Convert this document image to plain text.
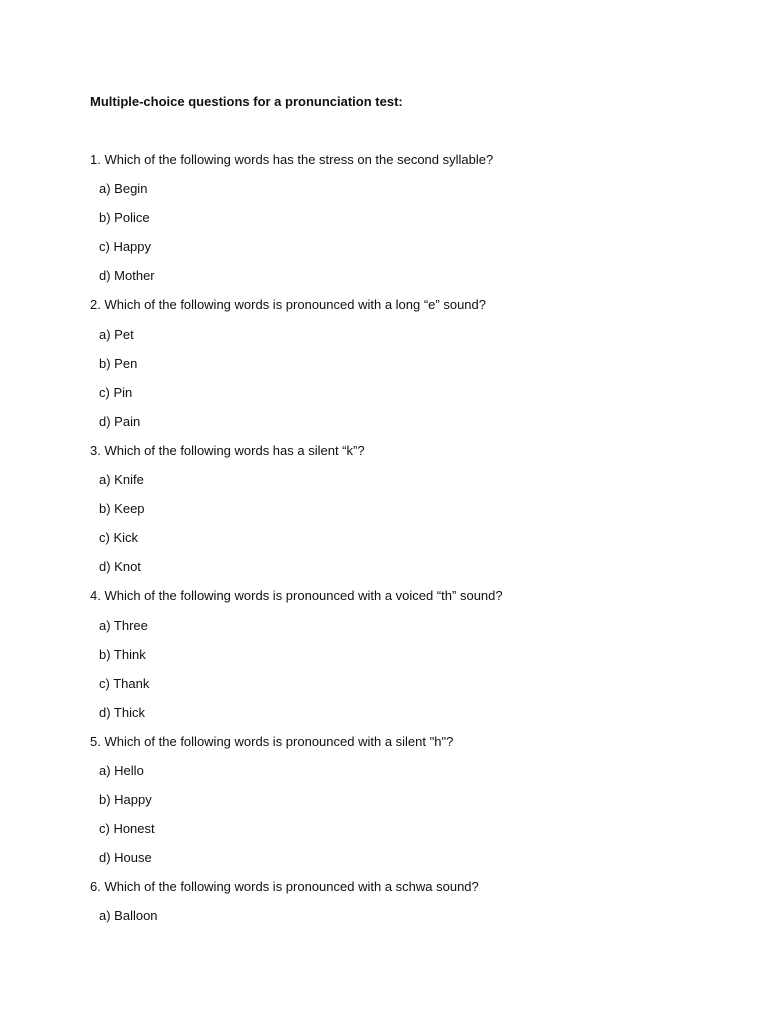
Multiple-choice questions for a pronunciation test:
1. Which of the following words has the stress on the second syllable?
a) Begin
b) Police
c) Happy
d) Mother
2. Which of the following words is pronounced with a long “e” sound?
a) Pet
b) Pen
c) Pin
d) Pain
3. Which of the following words has a silent “k”?
a) Knife
b) Keep
c) Kick
d) Knot
4. Which of the following words is pronounced with a voiced “th” sound?
a) Three
b) Think
c) Thank
d) Thick
5. Which of the following words is pronounced with a silent "h"?
a) Hello
b) Happy
c) Honest
d) House
6. Which of the following words is pronounced with a schwa sound?
a) Balloon
